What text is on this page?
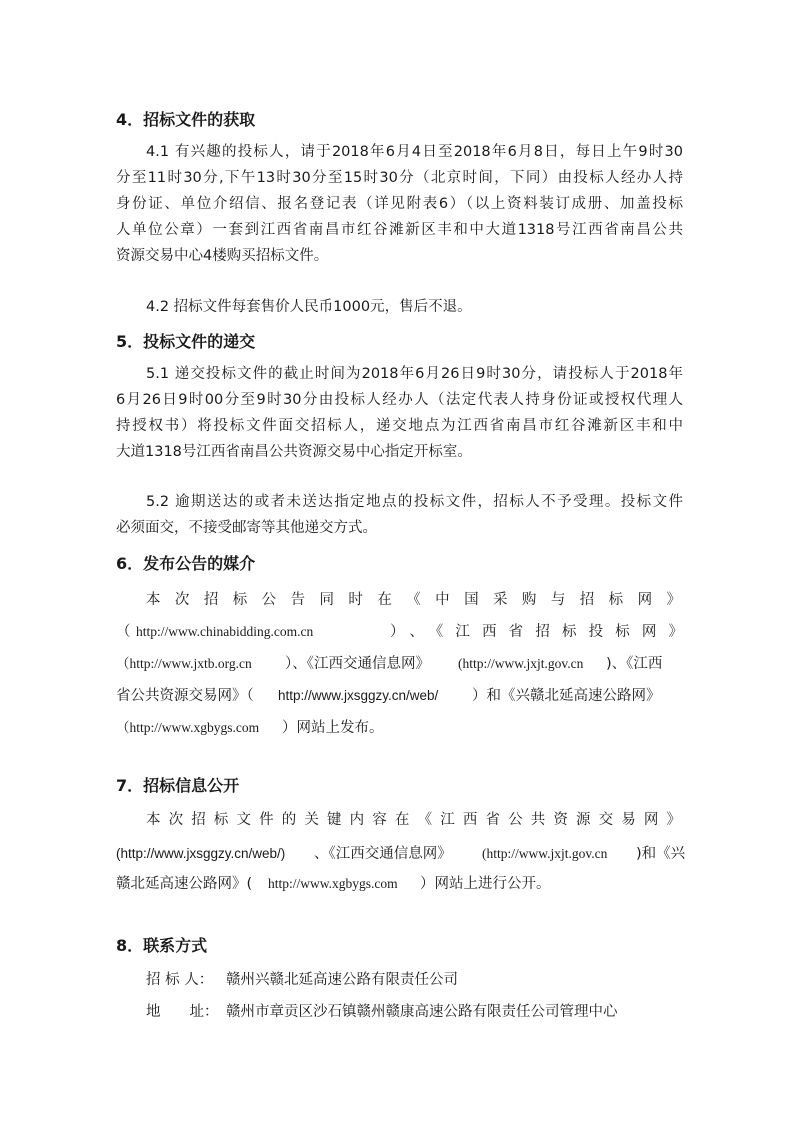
4．招标文件的获取
4.1 有兴趣的投标人，请于2018年6月4日至2018年6月8日，每日上午9时30
分至11时30分,下午13时30分至15时30分（北京时间，下同）由投标人经办人持
身份证、单位介绍信、报名登记表（详见附表6）（以上资料装订成册、加盖投标
人单位公章）一套到江西省南昌市红谷滩新区丰和中大道1318号江西省南昌公共
资源交易中心4楼购买招标文件。
4.2 招标文件每套售价人民币1000元，售后不退。
5．投标文件的递交
5.1 递交投标文件的截止时间为2018年6月26日9时30分，请投标人于2018年
6月26日9时00分至9时30分由投标人经办人（法定代表人持身份证或授权代理人
持授权书）将投标文件面交招标人，递交地点为江西省南昌市红谷滩新区丰和中
大道1318号江西省南昌公共资源交易中心指定开标室。
5.2 逾期送达的或者未送达指定地点的投标文件，招标人不予受理。投标文件
必须面交，不接受邮寄等其他递交方式。
6．发布公告的媒介
本次招标公告同时在《中国采购与招标网》
（ http://www.chinabidding.com.cn	）、《江西省招标投标网》
（http://www.jxtb.org.cn ）、《江西交通信息网》 (http://www.jxjt.gov.cn )、《江西
省公共资源交易网》（ http://www.jxsggzy.cn/web/ ）和《兴赣北延高速公路网》
（http://www.xgbygs.com ）网站上发布。
7．招标信息公开
本次招标文件的关键内容在《江西省公共资源交易网》
(http://www.jxsggzy.cn/web/) 、《江西交通信息网》 (http://www.jxjt.gov.cn )和《兴
赣北延高速公路网》( http://www.xgbygs.com ）网站上进行公开。
8．联系方式
招 标 人： 赣州兴赣北延高速公路有限责任公司
地　　址： 赣州市章贡区沙石镇赣州赣康高速公路有限责任公司管理中心
